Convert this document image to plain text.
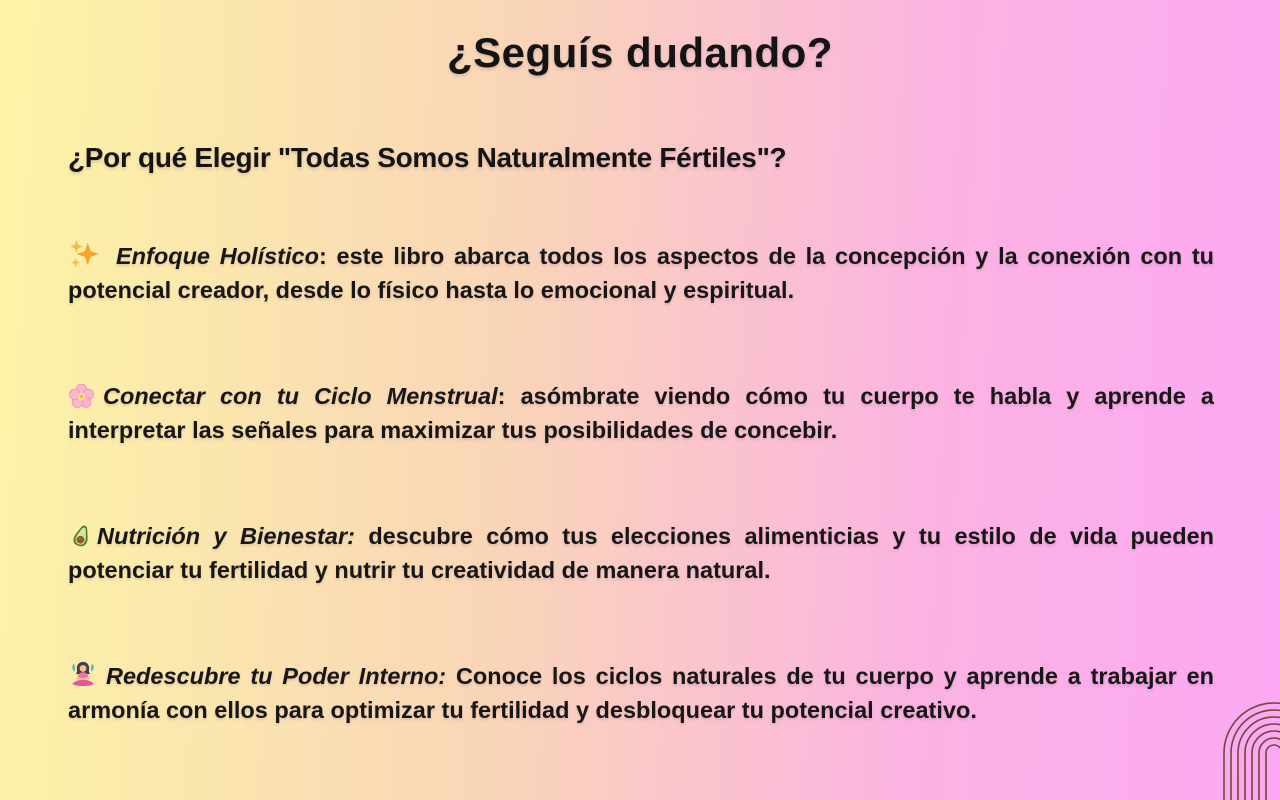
¿Seguís dudando?
¿Por qué Elegir "Todas Somos Naturalmente Fértiles"?

Enfoque Holístico: este libro abarca todos los aspectos de la concepción y la conexión con tu potencial creador, desde lo físico hasta lo emocional y espiritual.

Conectar con tu Ciclo Menstrual: asómbrate viendo cómo tu cuerpo te habla y aprende a interpretar las señales para maximizar tus posibilidades de concebir.

Nutrición y Bienestar: descubre cómo tus elecciones alimenticias y tu estilo de vida pueden potenciar tu fertilidad y nutrir tu creatividad de manera natural.

Redescubre tu Poder Interno: Conoce los ciclos naturales de tu cuerpo y aprende a trabajar en armonía con ellos para optimizar tu fertilidad y desbloquear tu potencial creativo.
